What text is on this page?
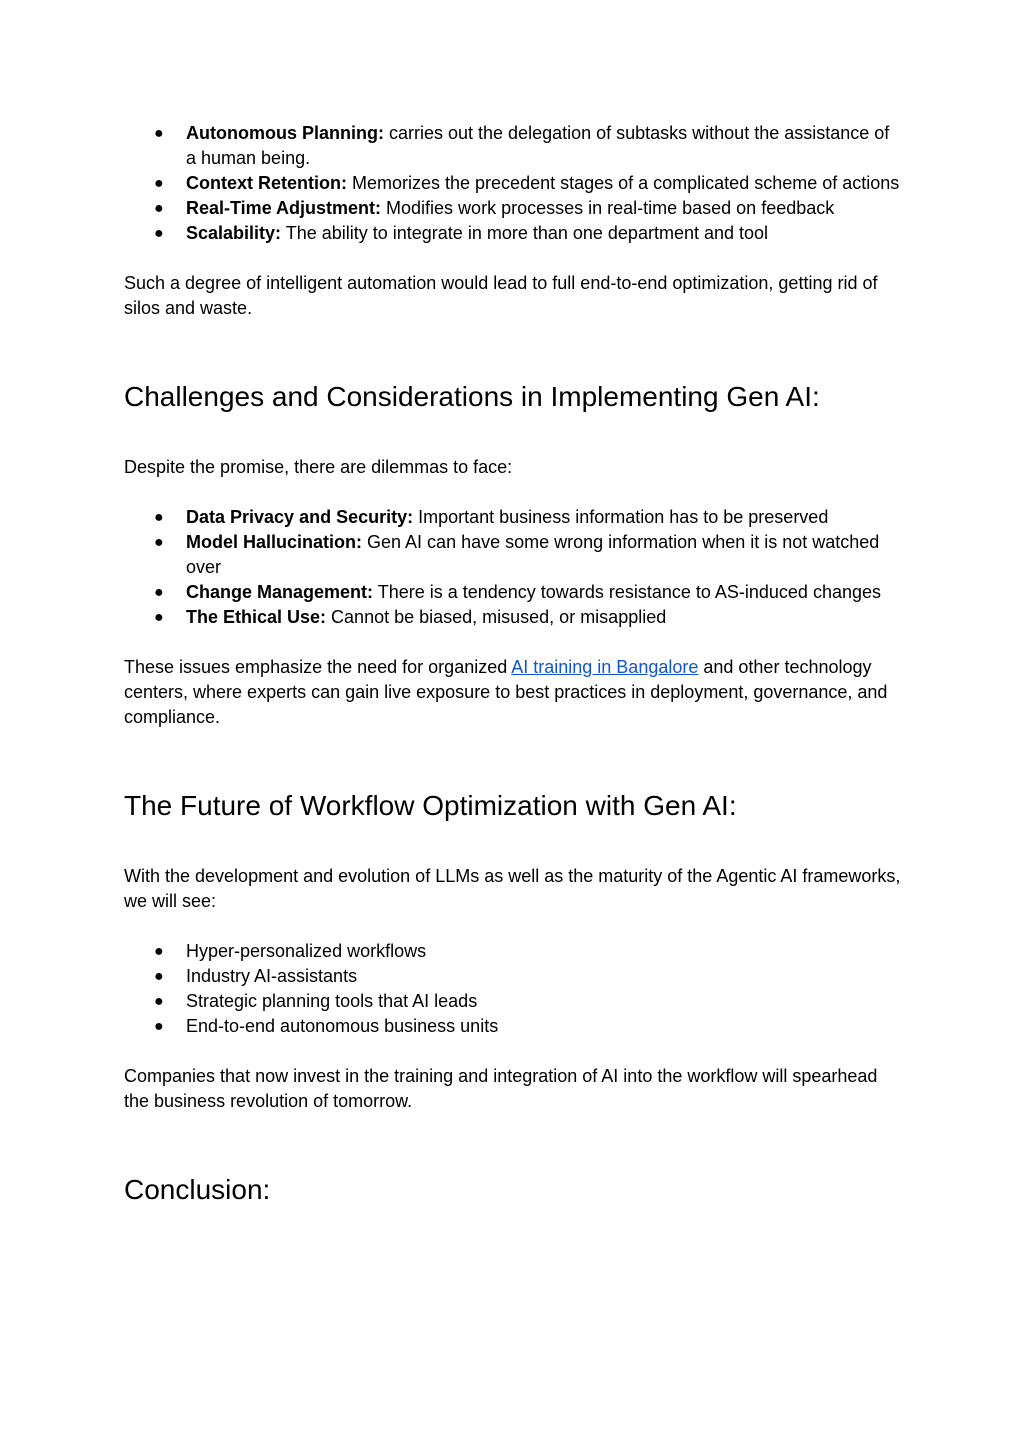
● Autonomous Planning: carries out the delegation of subtasks without the assistance of a human being.
● Context Retention: Memorizes the precedent stages of a complicated scheme of actions
● Real-Time Adjustment: Modifies work processes in real-time based on feedback
● Scalability: The ability to integrate in more than one department and tool

Such a degree of intelligent automation would lead to full end-to-end optimization, getting rid of silos and waste.

Challenges and Considerations in Implementing Gen AI:

Despite the promise, there are dilemmas to face:

● Data Privacy and Security: Important business information has to be preserved
● Model Hallucination: Gen AI can have some wrong information when it is not watched over
● Change Management: There is a tendency towards resistance to AS-induced changes
● The Ethical Use: Cannot be biased, misused, or misapplied

These issues emphasize the need for organized AI training in Bangalore and other technology centers, where experts can gain live exposure to best practices in deployment, governance, and compliance.

The Future of Workflow Optimization with Gen AI:

With the development and evolution of LLMs as well as the maturity of the Agentic AI frameworks, we will see:

● Hyper-personalized workflows
● Industry AI-assistants
● Strategic planning tools that AI leads
● End-to-end autonomous business units

Companies that now invest in the training and integration of AI into the workflow will spearhead the business revolution of tomorrow.

Conclusion:
